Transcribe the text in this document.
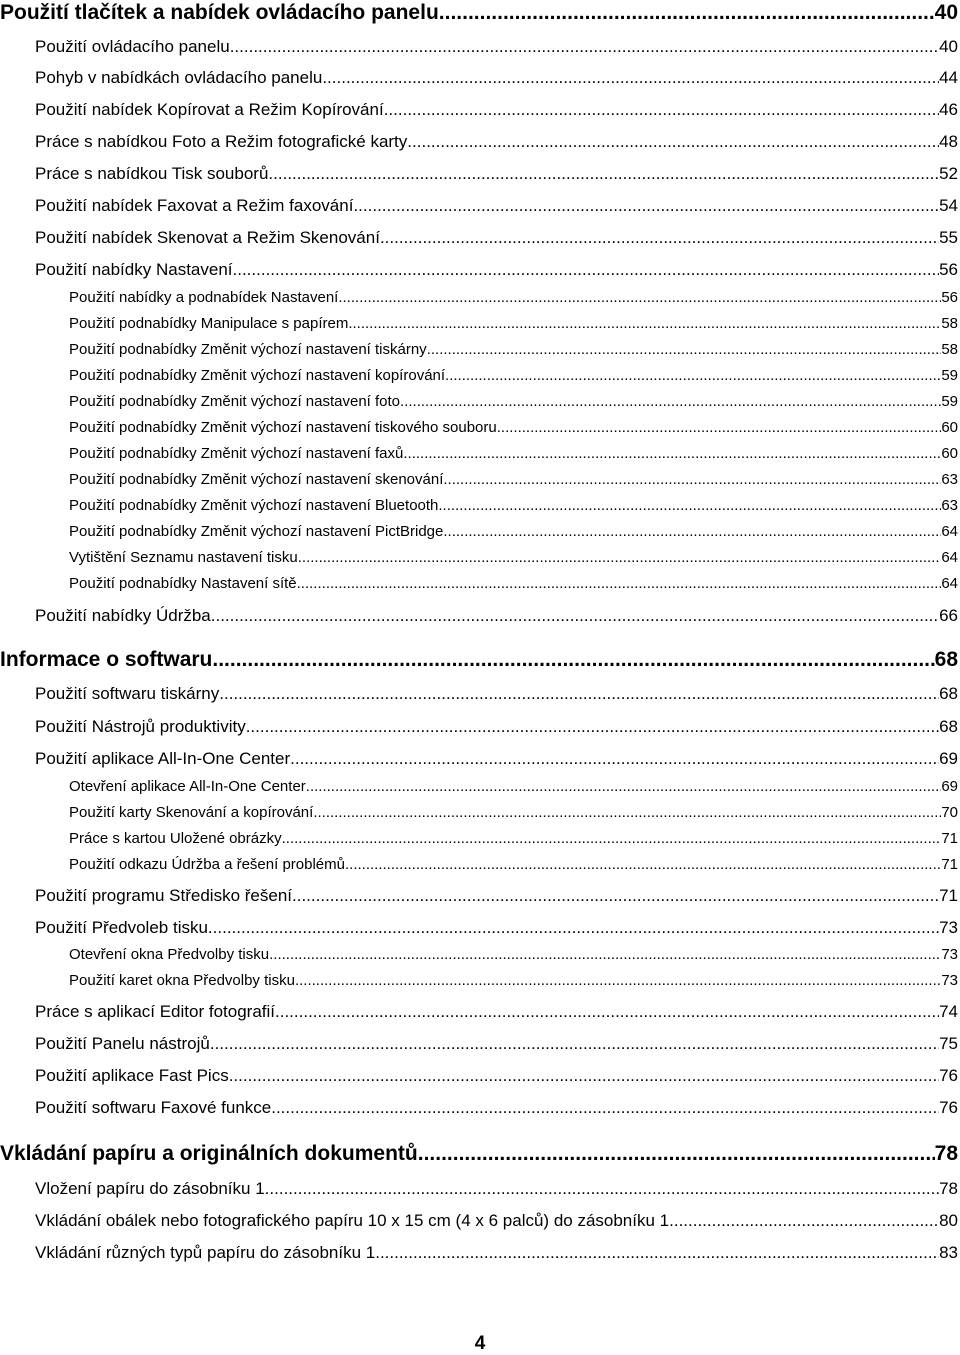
Použití tlačítek a nabídek ovládacího panelu .....	40
Použití ovládacího panelu .....	40
Pohyb v nabídkách ovládacího panelu .....	44
Použití nabídek Kopírovat a Režim Kopírování .....	46
Práce s nabídkou Foto a Režim fotografické karty .....	48
Práce s nabídkou Tisk souborů .....	52
Použití nabídek Faxovat a Režim faxování .....	54
Použití nabídek Skenovat a Režim Skenování .....	55
Použití nabídky Nastavení .....	56
Použití nabídky a podnabídek Nastavení .....	56
Použití podnabídky Manipulace s papírem .....	58
Použití podnabídky Změnit výchozí nastavení tiskárny .....	58
Použití podnabídky Změnit výchozí nastavení kopírování .....	59
Použití podnabídky Změnit výchozí nastavení foto .....	59
Použití podnabídky Změnit výchozí nastavení tiskového souboru .....	60
Použití podnabídky Změnit výchozí nastavení faxů .....	60
Použití podnabídky Změnit výchozí nastavení skenování .....	63
Použití podnabídky Změnit výchozí nastavení Bluetooth .....	63
Použití podnabídky Změnit výchozí nastavení PictBridge .....	64
Vytištění Seznamu nastavení tisku .....	64
Použití podnabídky Nastavení sítě .....	64
Použití nabídky Údržba .....	66
Informace o softwaru .....	68
Použití softwaru tiskárny .....	68
Použití Nástrojů produktivity .....	68
Použití aplikace All-In-One Center .....	69
Otevření aplikace All-In-One Center .....	69
Použití karty Skenování a kopírování .....	70
Práce s kartou Uložené obrázky .....	71
Použití odkazu Údržba a řešení problémů .....	71
Použití programu Středisko řešení .....	71
Použití Předvoleb tisku .....	73
Otevření okna Předvolby tisku .....	73
Použití karet okna Předvolby tisku .....	73
Práce s aplikací Editor fotografií .....	74
Použití Panelu nástrojů .....	75
Použití aplikace Fast Pics .....	76
Použití softwaru Faxové funkce .....	76
Vkládání papíru a originálních dokumentů .....	78
Vložení papíru do zásobníku 1 .....	78
Vkládání obálek nebo fotografického papíru 10 x 15 cm (4 x 6 palců) do zásobníku 1 .....	80
Vkládání různých typů papíru do zásobníku 1 .....	83
4
